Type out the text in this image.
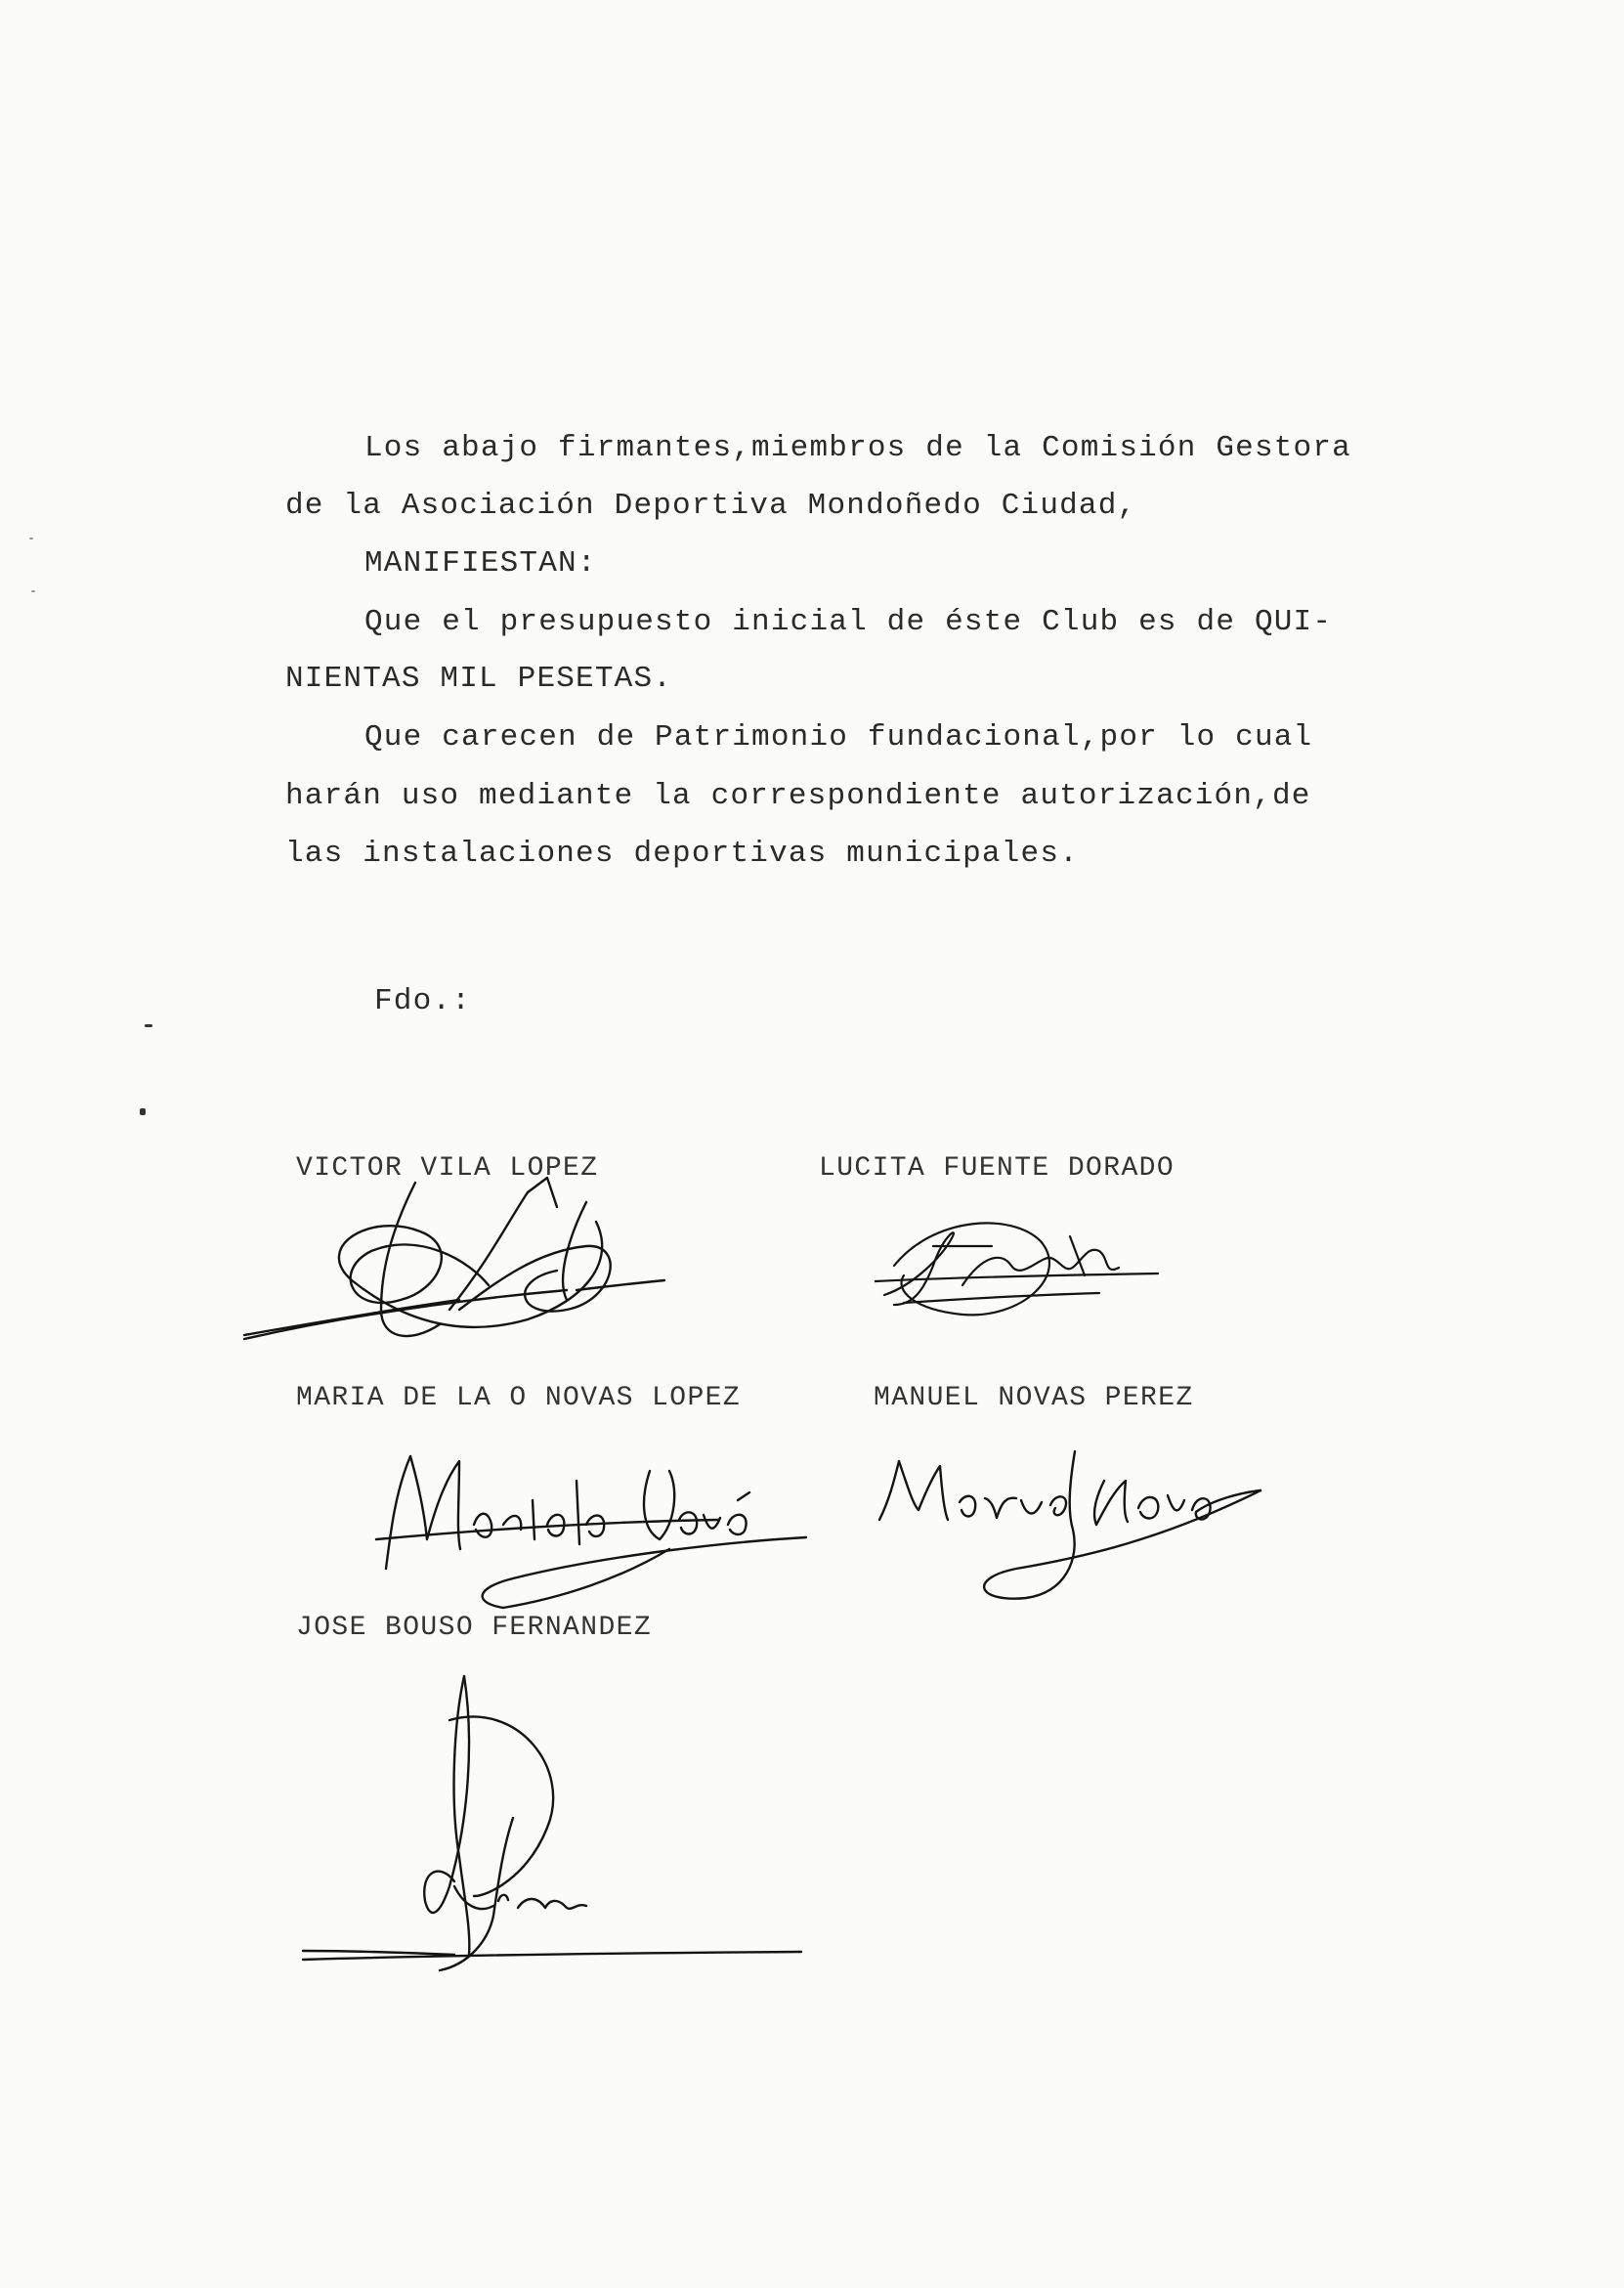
Los abajo firmantes,miembros de la Comisión Gestora
de la Asociación Deportiva Mondoñedo Ciudad,
MANIFIESTAN:
Que el presupuesto inicial de éste Club es de QUI-
NIENTAS MIL PESETAS.
Que carecen de Patrimonio fundacional,por lo cual
harán uso mediante la correspondiente autorización,de
las instalaciones deportivas municipales.
Fdo.:
VICTOR VILA LOPEZ	LUCITA FUENTE DORADO
MARIA DE LA O NOVAS LOPEZ	MANUEL NOVAS PEREZ
JOSE BOUSO FERNANDEZ
